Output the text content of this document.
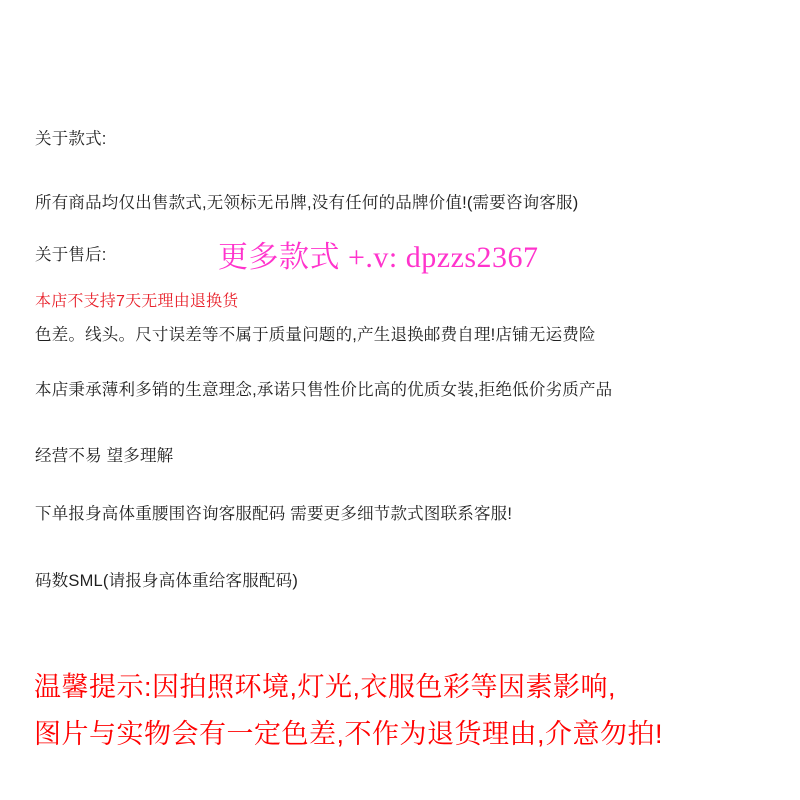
关于款式:
所有商品均仅出售款式,无领标无吊牌,没有任何的品牌价值!(需要咨询客服)
关于售后:	更多款式 +.v: dpzzs2367
本店不支持7天无理由退换货
色差。线头。尺寸误差等不属于质量问题的,产生退换邮费自理!店铺无运费险
本店秉承薄利多销的生意理念,承诺只售性价比高的优质女装,拒绝低价劣质产品
经营不易 望多理解
下单报身高体重腰围咨询客服配码 需要更多细节款式图联系客服!
码数SML(请报身高体重给客服配码)
温馨提示:因拍照环境,灯光,衣服色彩等因素影响,
图片与实物会有一定色差,不作为退货理由,介意勿拍!
